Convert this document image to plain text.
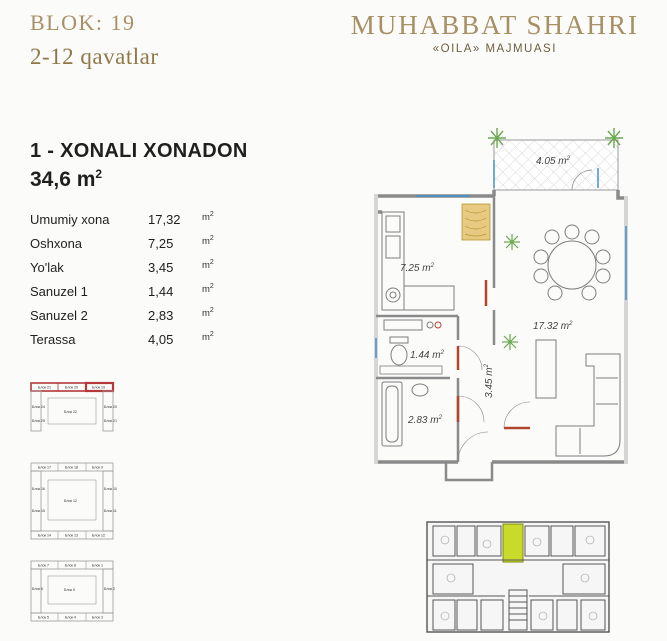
BLOK: 19
2-12 qavatlar
MUHABBAT SHAHRI
«OILA» MAJMUASI
1 - XONALI XONADON
34,6 $m^2$
Umumiy xona	17,32	$m^2$
Oshxona	7,25	$m^2$
Yo'lak	3,45	$m^2$
Sanuzel 1	1,44	$m^2$
Sanuzel 2	2,83	$m^2$
Terassa	4,05	$m^2$
Блок 21	Блок 20	Блок 19
Блок 24
Блок 25
Блок 20
Блок 21
Блок 22
Блок 17	Блок 18	Блок 9
Блок 16
Блок 15
Блок 10
Блок 11
Блок 12
Блок 14	Блок 13	Блок 12
Блок 7	Блок 8	Блок 1
Блок 6	Блок 2
Блок 5
Блок 5	Блок 4	Блок 3
4.05 $m^2$
7.25 $m^2$
1.44 $m^2$
2.83 $m^2$
3.45 $m^2$
17.32 $m^2$
